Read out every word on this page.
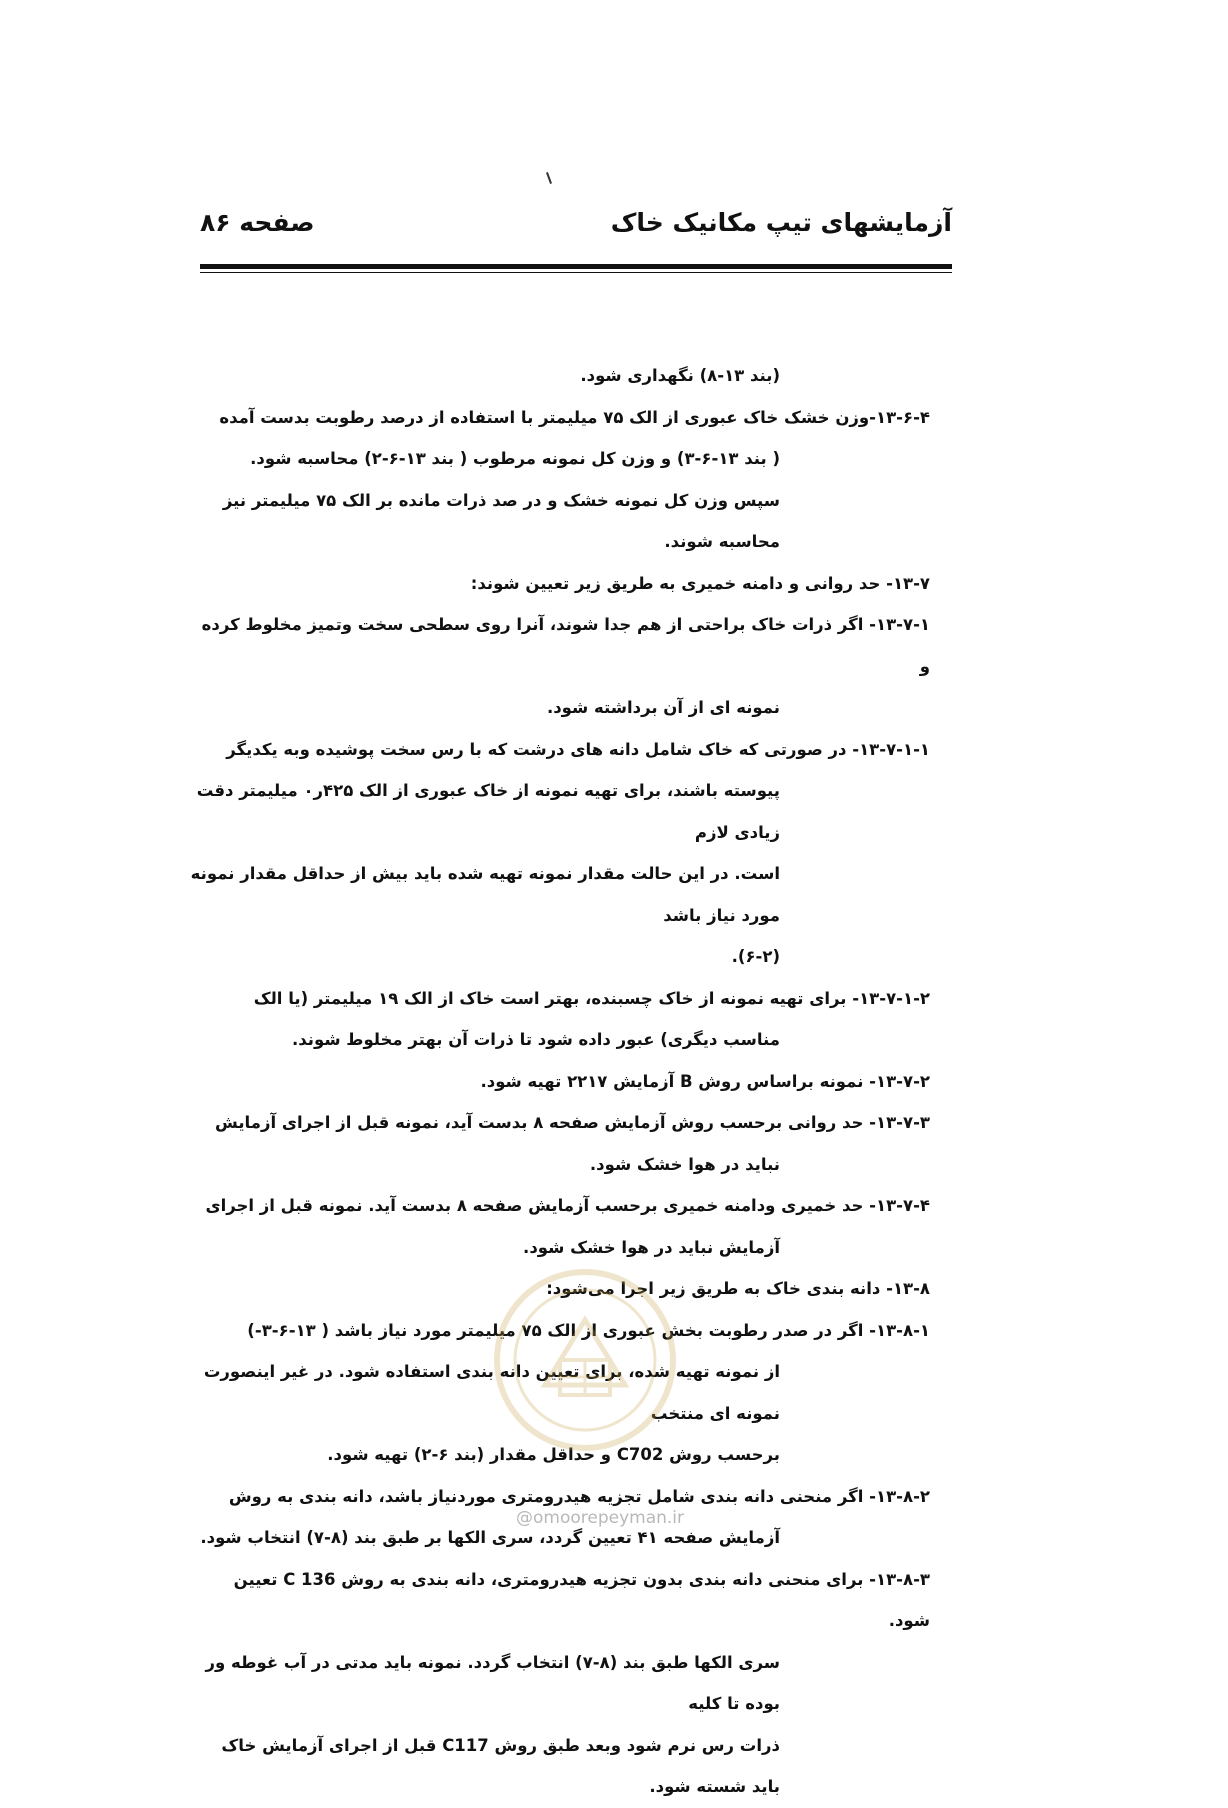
آزمایشهای تیپ مکانیک خاک
صفحه ۸۶
(بند ۱۳-۸) نگهداری شود.
۱۳-۶-۴-وزن خشک خاک عبوری از الک ۷۵ میلیمتر با استفاده از درصد رطوبت بدست آمده
( بند ۱۳-۶-۳) و وزن کل نمونه مرطوب ( بند ۱۳-۶-۲) محاسبه شود.
سپس وزن کل نمونه خشک و در صد ذرات مانده بر الک ۷۵ میلیمتر نیز محاسبه شوند.
۱۳-۷- حد روانی و دامنه خمیری به طریق زیر تعیین شوند:
۱۳-۷-۱- اگر ذرات خاک براحتی از هم جدا شوند، آنرا روی سطحی سخت وتمیز مخلوط کرده و
نمونه ای از آن برداشته شود.
۱۳-۷-۱-۱- در صورتی که خاک شامل دانه های درشت که با رس سخت پوشیده وبه یکدیگر
پیوسته باشند، برای تهیه نمونه از خاک عبوری از الک ۴۲۵ر۰ میلیمتر دقت زیادی لازم
است. در این حالت مقدار نمونه تهیه شده باید بیش از حداقل مقدار نمونه مورد نیاز باشد
(۶-۲).
۱۳-۷-۱-۲- برای تهیه نمونه از خاک چسبنده، بهتر است خاک از الک ۱۹ میلیمتر (یا الک
مناسب دیگری) عبور داده شود تا ذرات آن بهتر مخلوط شوند.
۱۳-۷-۲- نمونه براساس روش B آزمایش ۲۲۱۷ تهیه شود.
۱۳-۷-۳- حد روانی برحسب روش آزمایش صفحه ۸ بدست آید، نمونه قبل از اجرای آزمایش
نباید در هوا خشک شود.
۱۳-۷-۴- حد خمیری ودامنه خمیری برحسب آزمایش صفحه ۸ بدست آید. نمونه قبل از اجرای
آزمایش نباید در هوا خشک شود.
۱۳-۸- دانه بندی خاک به طریق زیر اجرا می‌شود:
۱۳-۸-۱- اگر در صدر رطوبت بخش عبوری از الک ۷۵ میلیمتر مورد نیاز باشد ( ۱۳-۶-۳-)
از نمونه تهیه شده، برای تعیین دانه بندی استفاده شود. در غیر اینصورت نمونه ای منتخب
برحسب روش C702 و حداقل مقدار (بند ۶-۲) تهیه شود.
۱۳-۸-۲- اگر منحنی دانه بندی شامل تجزیه هیدرومتری موردنیاز باشد، دانه بندی به روش
آزمایش صفحه ۴۱ تعیین گردد، سری الکها بر طبق بند (۸-۷) انتخاب شود.
۱۳-۸-۳- برای منحنی دانه بندی بدون تجزیه هیدرومتری، دانه بندی به روش C 136 تعیین شود.
سری الکها طبق بند (۸-۷) انتخاب گردد. نمونه باید مدتی در آب غوطه ور بوده تا کلیه
ذرات رس نرم شود وبعد طبق روش C117 قبل از اجرای آزمایش خاک باید شسته شود.
@omoorepeyman.ir
